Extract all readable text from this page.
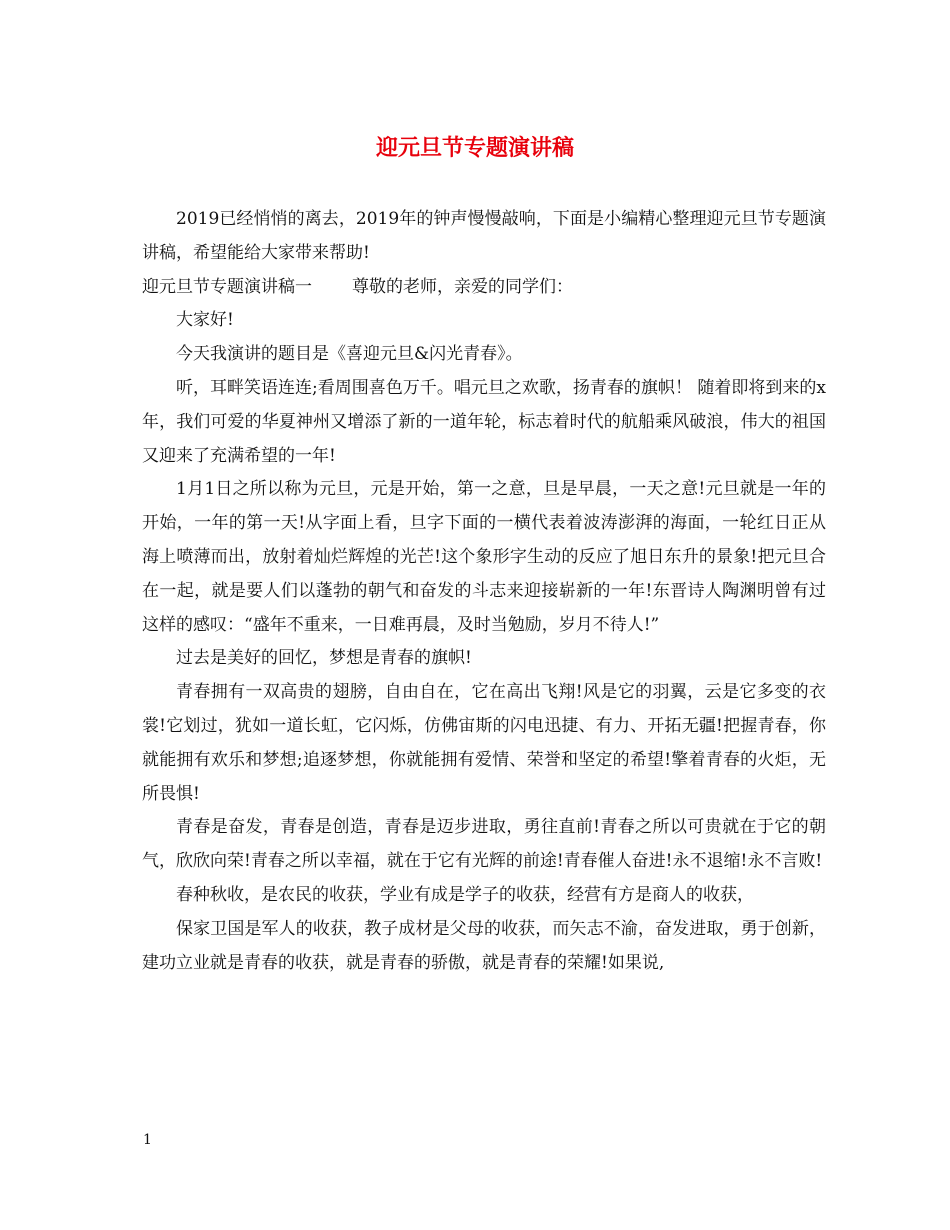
迎元旦节专题演讲稿

2019已经悄悄的离去，2019年的钟声慢慢敲响，下面是小编精心整理迎元旦节专题演讲稿，希望能给大家带来帮助!

迎元旦节专题演讲稿一 尊敬的老师，亲爱的同学们：

大家好!

今天我演讲的题目是《喜迎元旦&闪光青春》。

听，耳畔笑语连连;看周围喜色万千。唱元旦之欢歌，扬青春的旗帜！ 随着即将到来的x年，我们可爱的华夏神州又增添了新的一道年轮，标志着时代的航船乘风破浪，伟大的祖国又迎来了充满希望的一年!

1月1日之所以称为元旦，元是开始，第一之意，旦是早晨，一天之意!元旦就是一年的开始，一年的第一天!从字面上看，旦字下面的一横代表着波涛澎湃的海面，一轮红日正从海上喷薄而出，放射着灿烂辉煌的光芒!这个象形字生动的反应了旭日东升的景象!把元旦合在一起，就是要人们以蓬勃的朝气和奋发的斗志来迎接崭新的一年!东晋诗人陶渊明曾有过这样的感叹：“盛年不重来，一日难再晨，及时当勉励，岁月不待人!”

过去是美好的回忆，梦想是青春的旗帜!

青春拥有一双高贵的翅膀，自由自在，它在高出飞翔!风是它的羽翼，云是它多变的衣裳!它划过，犹如一道长虹，它闪烁，仿佛宙斯的闪电迅捷、有力、开拓无疆!把握青春，你就能拥有欢乐和梦想;追逐梦想，你就能拥有爱情、荣誉和坚定的希望!擎着青春的火炬，无所畏惧!

青春是奋发，青春是创造，青春是迈步进取，勇往直前!青春之所以可贵就在于它的朝气，欣欣向荣!青春之所以幸福，就在于它有光辉的前途!青春催人奋进!永不退缩!永不言败!

春种秋收，是农民的收获，学业有成是学子的收获，经营有方是商人的收获，

保家卫国是军人的收获，教子成材是父母的收获，而矢志不渝，奋发进取，勇于创新，建功立业就是青春的收获，就是青春的骄傲，就是青春的荣耀!如果说,

1
